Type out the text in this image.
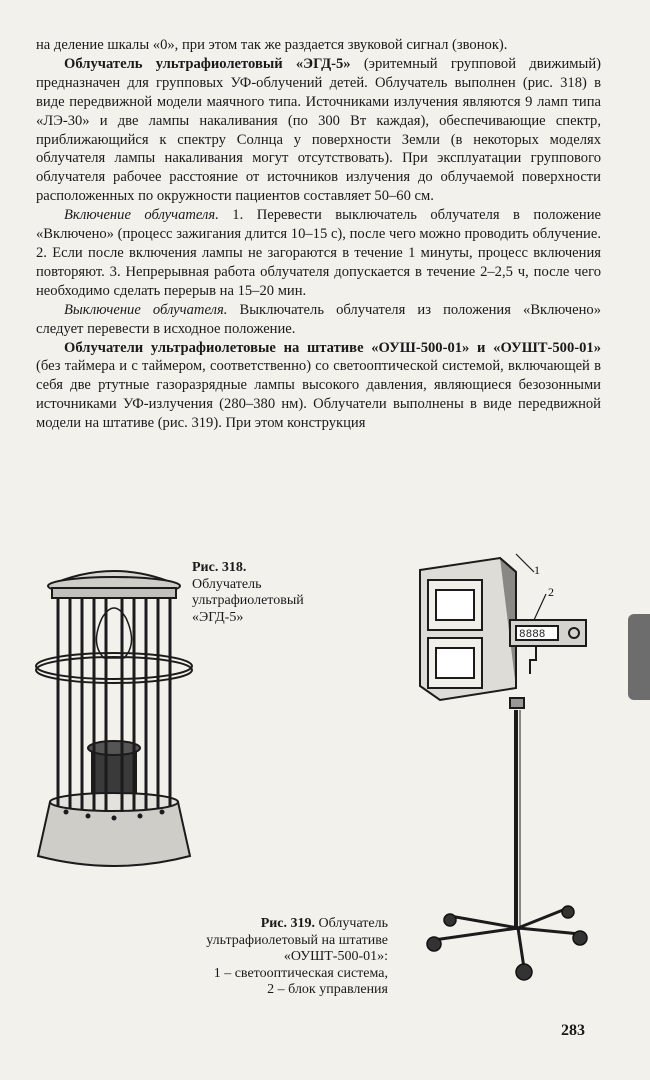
на деление шкалы «0», при этом так же раздается звуковой сигнал (звонок).

Облучатель ультрафиолетовый «ЭГД-5» (эритемный групповой движимый) предназначен для групповых УФ-облучений детей. Облучатель выполнен (рис. 318) в виде передвижной модели маячного типа. Источниками излучения являются 9 ламп типа «ЛЭ-30» и две лампы накаливания (по 300 Вт каждая), обеспечивающие спектр, приближающийся к спектру Солнца у поверхности Земли (в некоторых моделях облучателя лампы накаливания могут отсутствовать). При эксплуатации группового облучателя рабочее расстояние от источников излучения до облучаемой поверхности расположенных по окружности пациентов составляет 50–60 см.

Включение облучателя. 1. Перевести выключатель облучателя в положение «Включено» (процесс зажигания длится 10–15 с), после чего можно проводить облучение. 2. Если после включения лампы не загораются в течение 1 минуты, процесс включения повторяют. 3. Непрерывная работа облучателя допускается в течение 2–2,5 ч, после чего необходимо сделать перерыв на 15–20 мин.

Выключение облучателя. Выключатель облучателя из положения «Включено» следует перевести в исходное положение.

Облучатели ультрафиолетовые на штативе «ОУШ-500-01» и «ОУШТ-500-01» (без таймера и с таймером, соответственно) со светооптической системой, включающей в себя две ртутные газоразрядные лампы высокого давления, являющиеся безозонными источниками УФ-излучения (280–380 нм). Облучатели выполнены в виде передвижной модели на штативе (рис. 319). При этом конструкция

Рис. 318.
Облучатель
ультрафиолетовый
«ЭГД-5»
1
2
8888
Рис. 319. Облучатель
ультрафиолетовый на штативе
«ОУШТ-500-01»:
1 – светооптическая система,
2 – блок управления
283
